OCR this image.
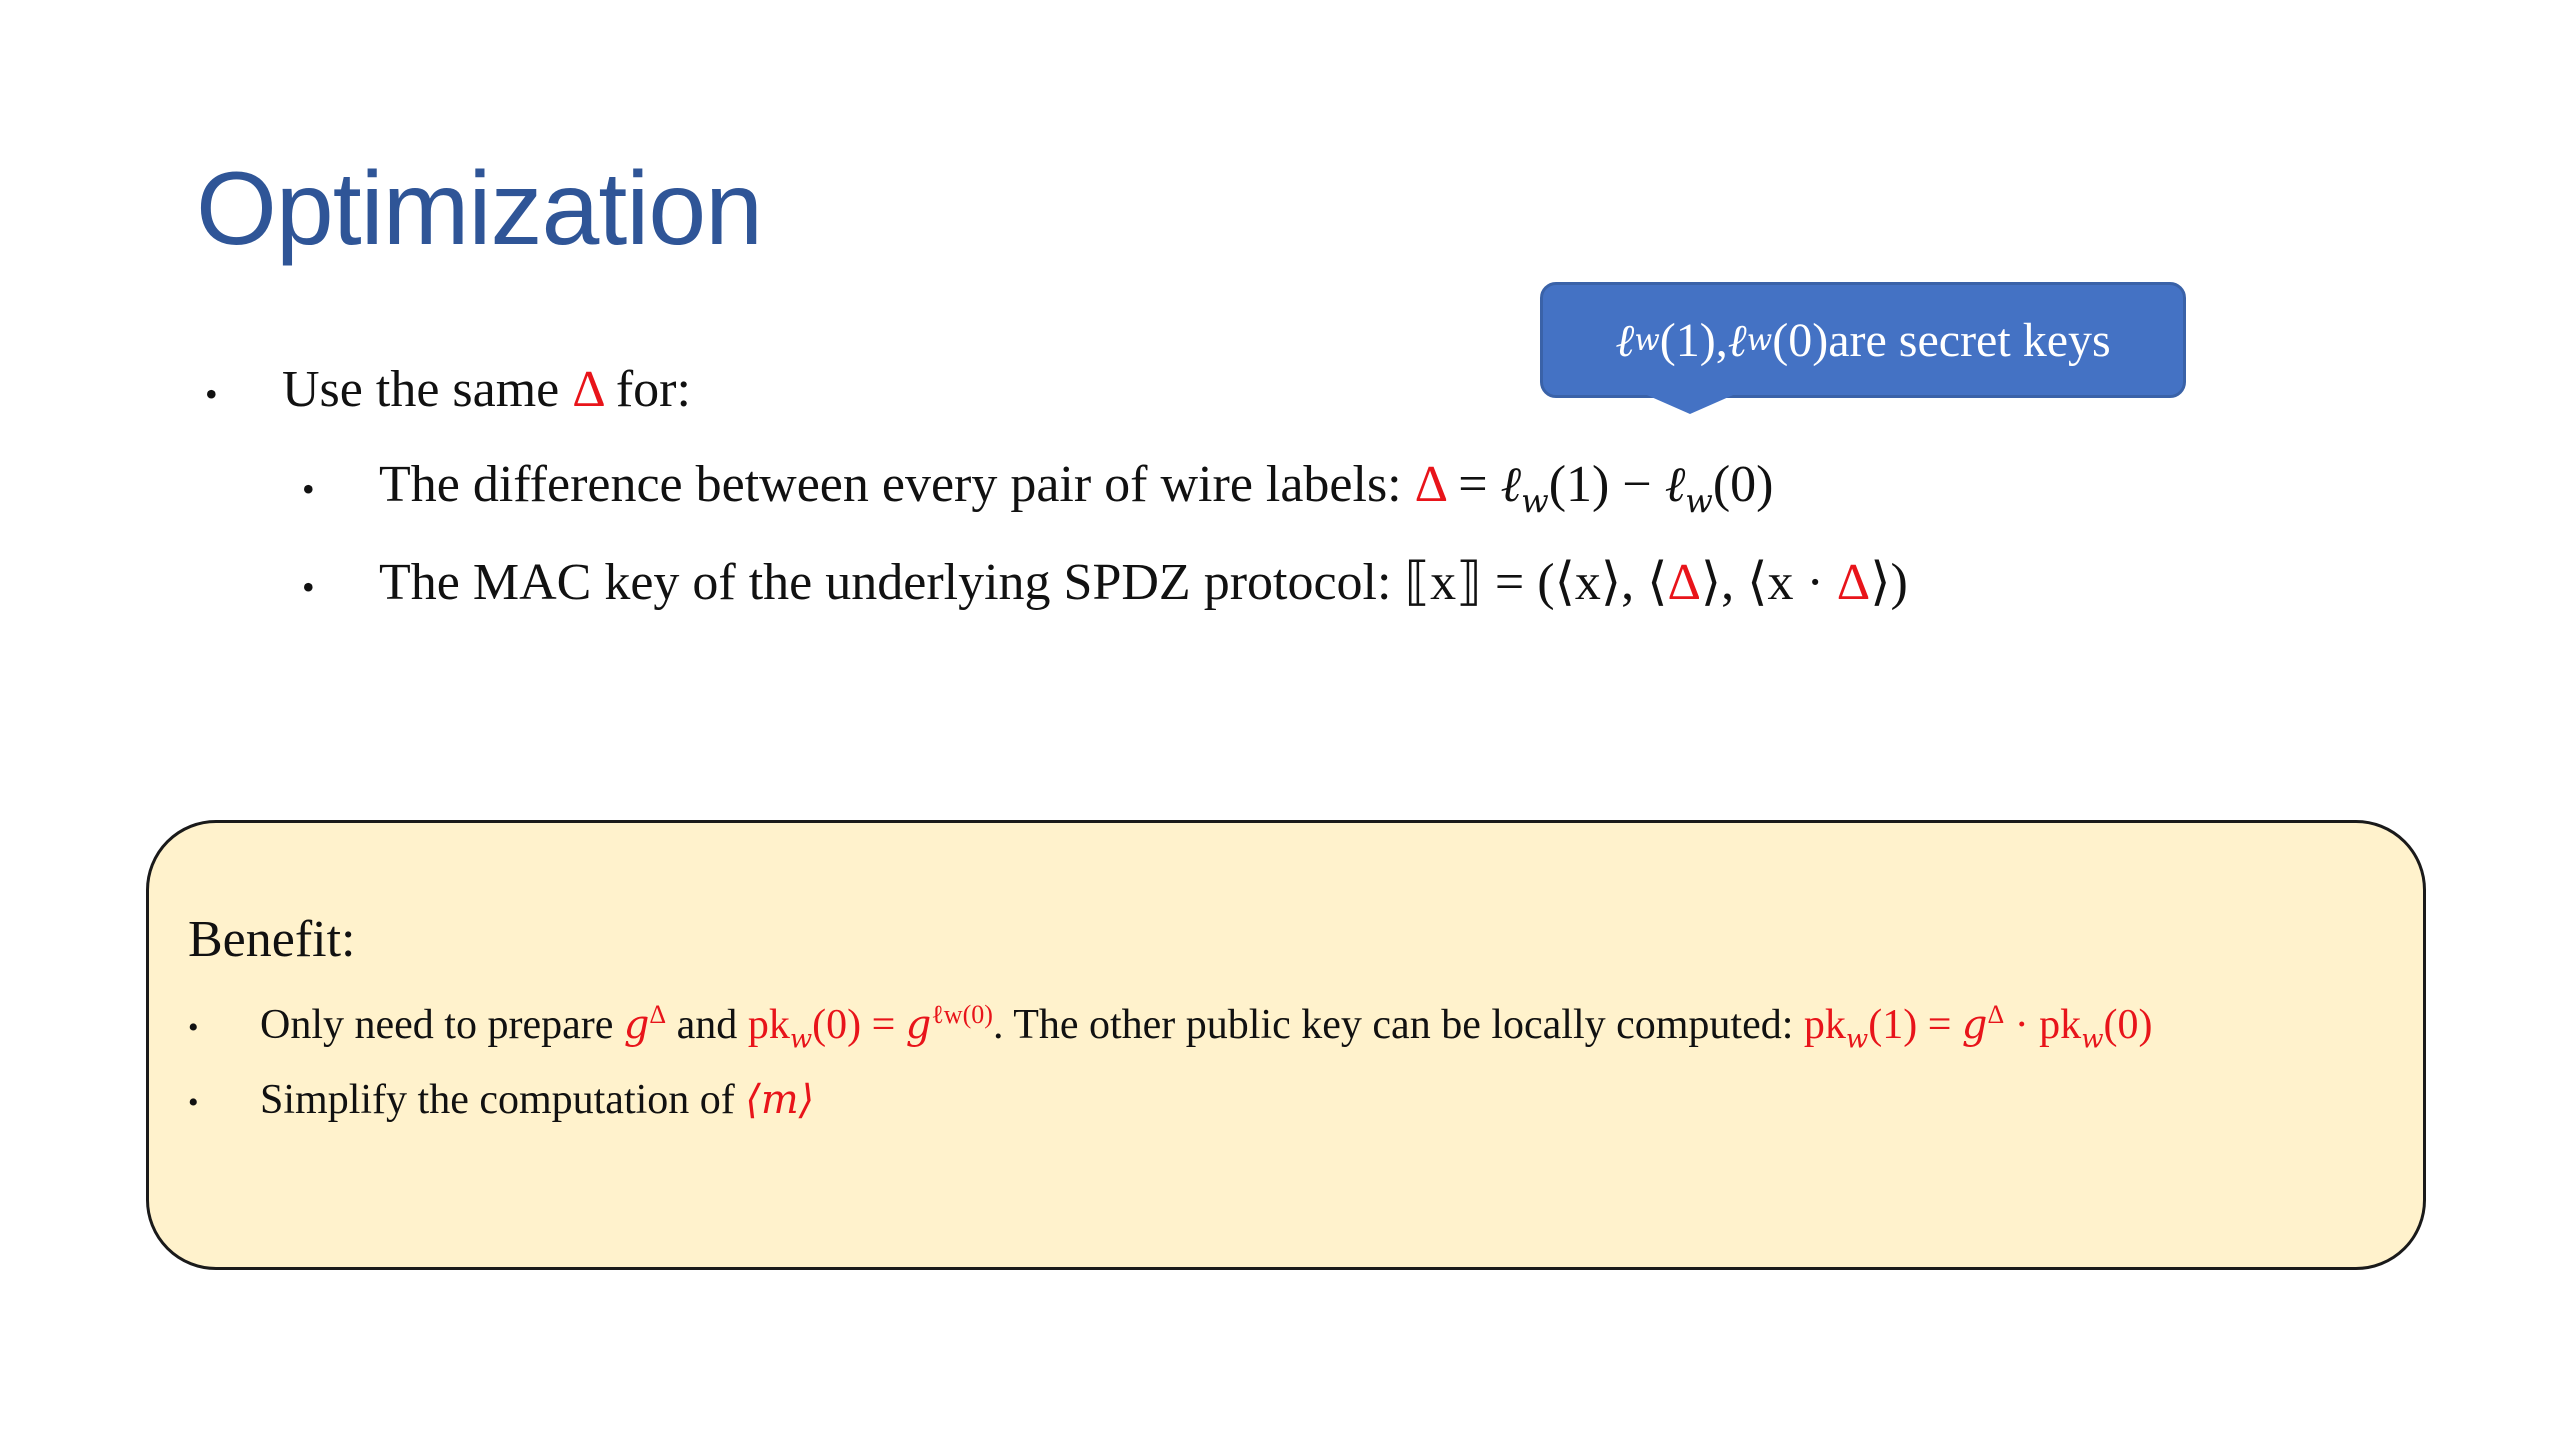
Optimization
ℓ w (1), ℓ w (0) are secret keys
• Use the same Δ for:
• The difference between every pair of wire labels: Δ = ℓ$_w$(1) − ℓ$_w$(0)
• The MAC key of the underlying SPDZ protocol: ⟦x⟧ = (⟨x⟩, ⟨Δ⟩, ⟨x · Δ⟩)
Benefit:
• Only need to prepare $g^\Delta$ and $pk_w(0) = g^{\ell w(0)}$. The other public key can be locally computed: $pk_w(1) = g^\Delta \cdot pk_w(0)$
• Simplify the computation of ⟨m⟩
